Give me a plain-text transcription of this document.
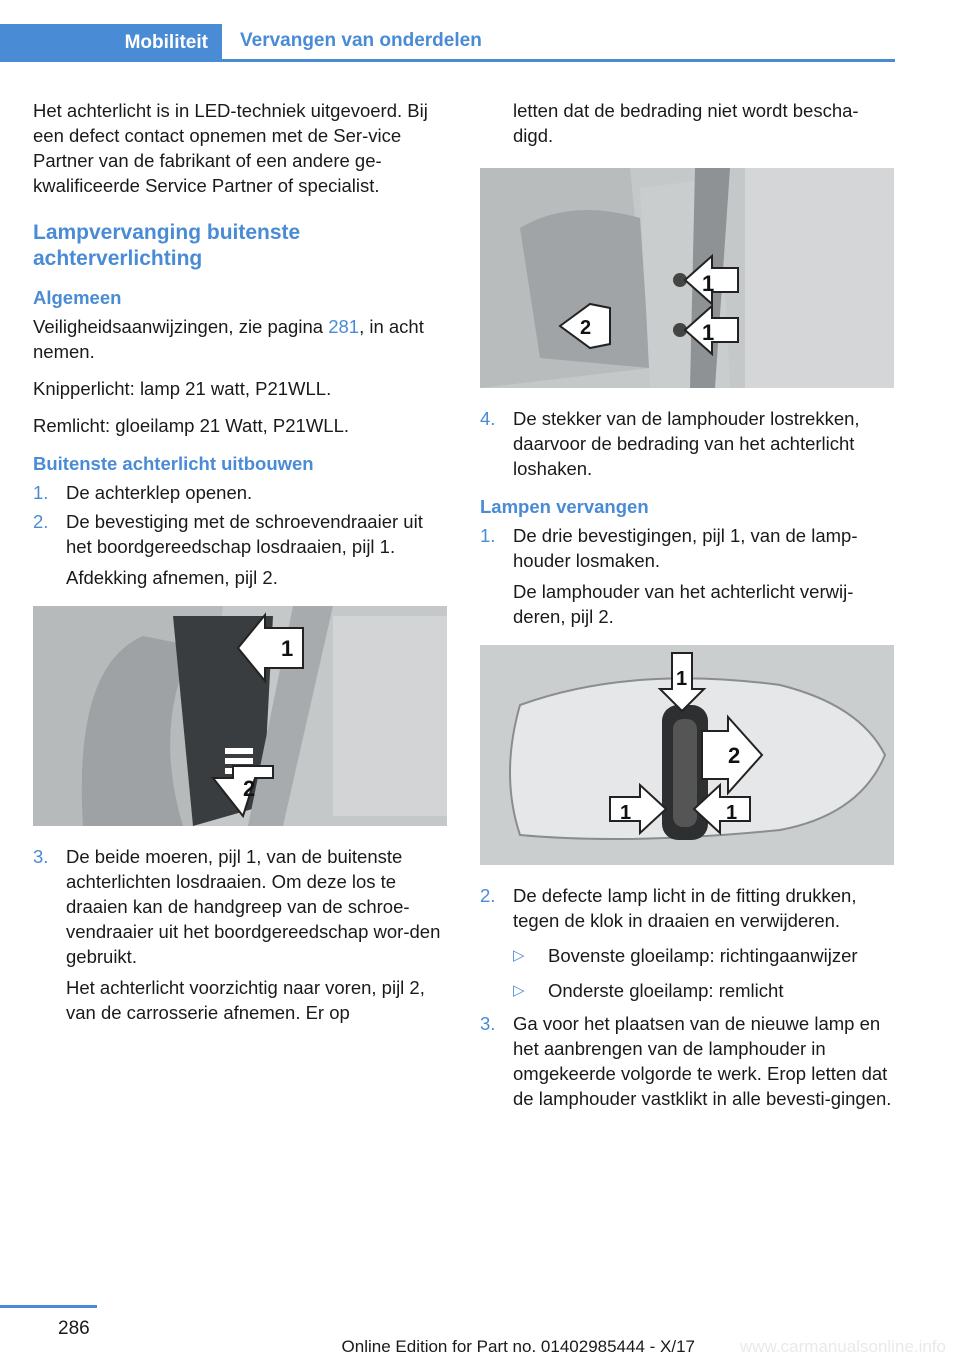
Mobiliteit Vervangen van onderdelen

Het achterlicht is in LED-techniek uitgevoerd. Bij een defect contact opnemen met de Ser-vice Partner van de fabrikant of een andere ge-kwalificeerde Service Partner of specialist.

Lampvervanging buitenste achterverlichting
Algemeen

Veiligheidsaanwijzingen, zie pagina 281, in acht nemen.

Knipperlicht: lamp 21 watt, P21WLL.

Remlicht: gloeilamp 21 Watt, P21WLL.

Buitenste achterlicht uitbouwen
1. De achterklep openen.
2. De bevestiging met de schroevendraaier uit het boordgereedschap losdraaien, pijl 1.
Afdekking afnemen, pijl 2.
1
2
3. De beide moeren, pijl 1, van de buitenste achterlichten losdraaien. Om deze los te draaien kan de handgreep van de schroe-vendraaier uit het boordgereedschap wor-den gebruikt.
Het achterlicht voorzichtig naar voren, pijl 2, van de carrosserie afnemen. Er op

letten dat de bedrading niet wordt bescha-digd.

1
1
2
4. De stekker van de lamphouder lostrekken, daarvoor de bedrading van het achterlicht loshaken.
Lampen vervangen
1. De drie bevestigingen, pijl 1, van de lamp-houder losmaken.
De lamphouder van het achterlicht verwij-deren, pijl 2.
2
1
1	1
2. De defecte lamp licht in de fitting drukken, tegen de klok in draaien en verwijderen.
▷ Bovenste gloeilamp: richtingaanwijzer
▷ Onderste gloeilamp: remlicht
3. Ga voor het plaatsen van de nieuwe lamp en het aanbrengen van de lamphouder in omgekeerde volgorde te werk. Erop letten dat de lamphouder vastklikt in alle bevesti-gingen.
286
Online Edition for Part no. 01402985444 - X/17	www.carmanualsonline.info
